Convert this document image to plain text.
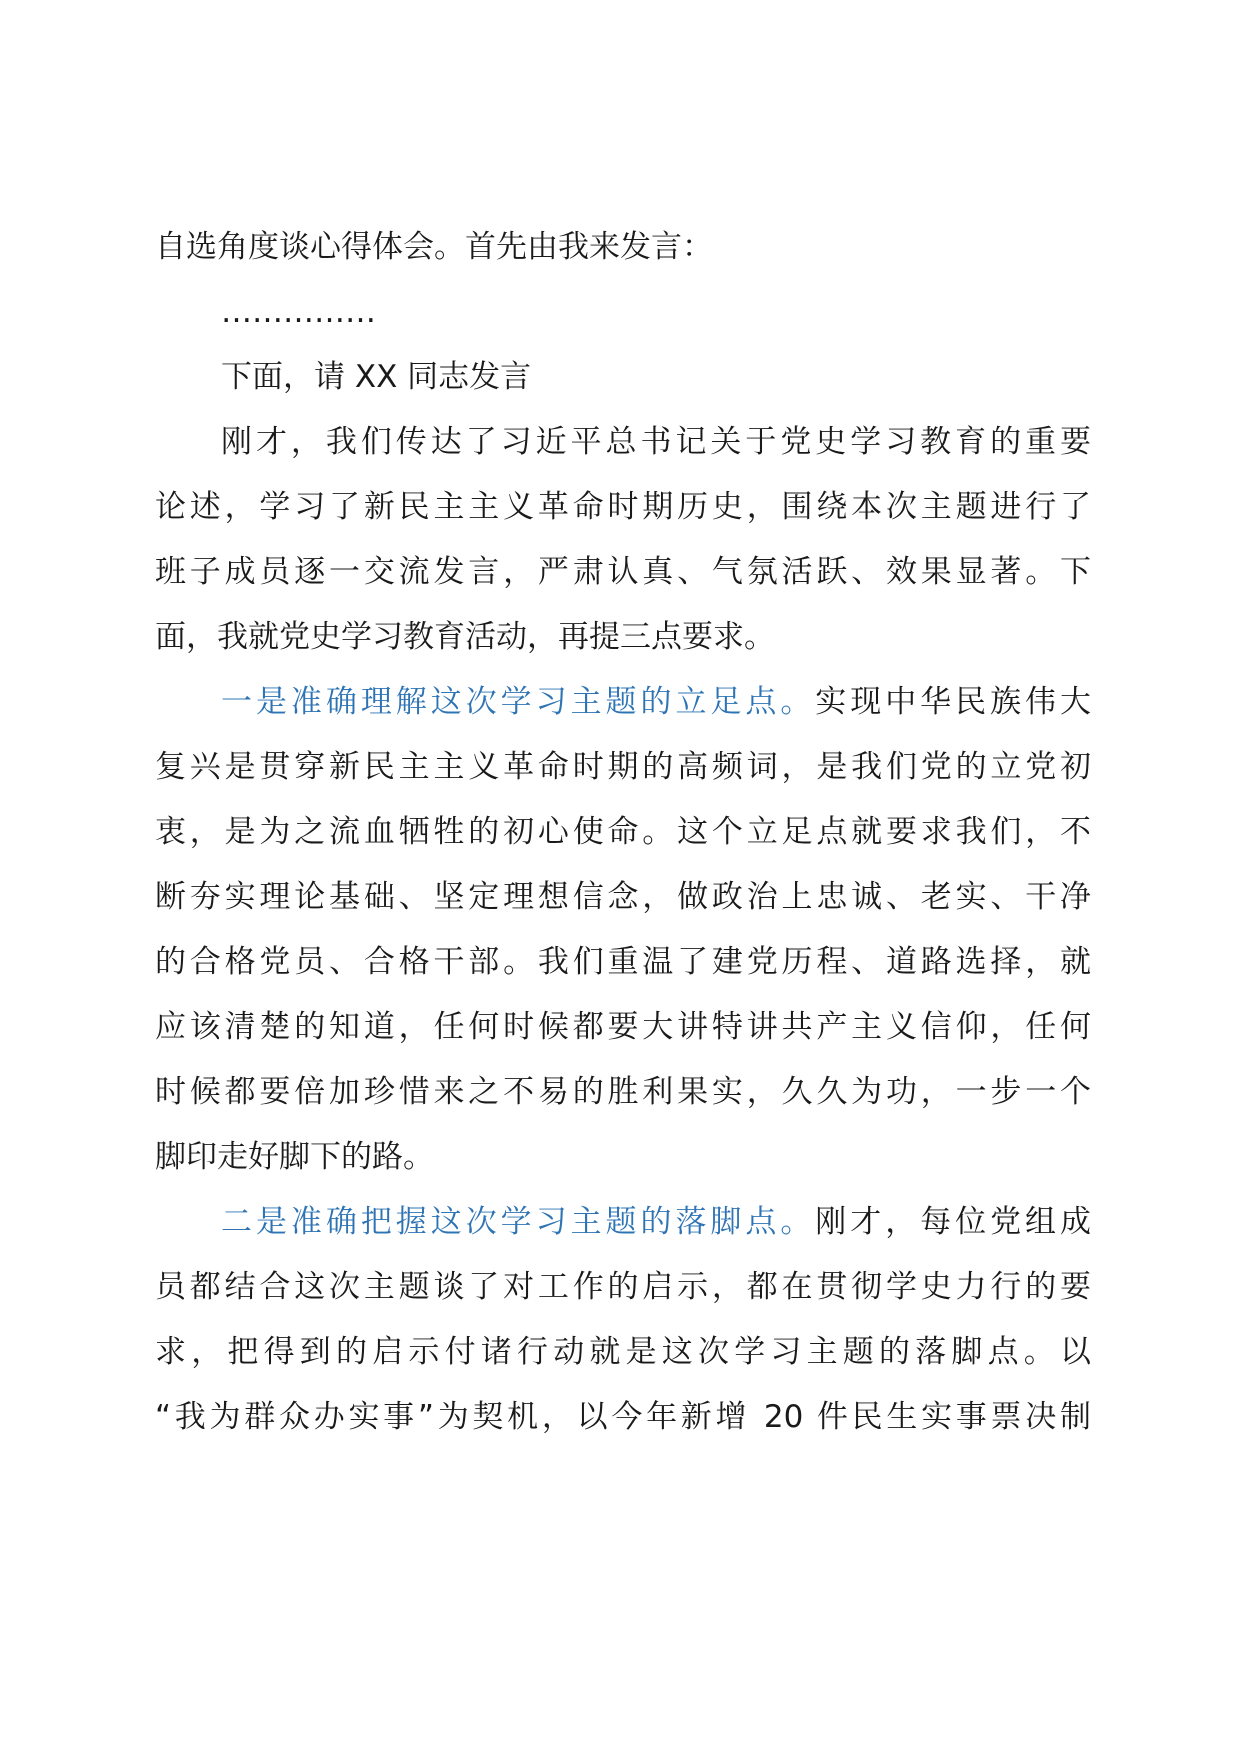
自选角度谈心得体会。首先由我来发言：
……………
下面，请 XX 同志发言
刚才，我们传达了习近平总书记关于党史学习教育的重要
论述，学习了新民主主义革命时期历史，围绕本次主题进行了
班子成员逐一交流发言，严肃认真、气氛活跃、效果显著。下
面，我就党史学习教育活动，再提三点要求。
一是准确理解这次学习主题的立足点。实现中华民族伟大
复兴是贯穿新民主主义革命时期的高频词，是我们党的立党初
衷，是为之流血牺牲的初心使命。这个立足点就要求我们，不
断夯实理论基础、坚定理想信念，做政治上忠诚、老实、干净
的合格党员、合格干部。我们重温了建党历程、道路选择，就
应该清楚的知道，任何时候都要大讲特讲共产主义信仰，任何
时候都要倍加珍惜来之不易的胜利果实，久久为功，一步一个
脚印走好脚下的路。
二是准确把握这次学习主题的落脚点。刚才，每位党组成
员都结合这次主题谈了对工作的启示，都在贯彻学史力行的要
求，把得到的启示付诸行动就是这次学习主题的落脚点。以
“我为群众办实事”为契机，以今年新增 20 件民生实事票决制
